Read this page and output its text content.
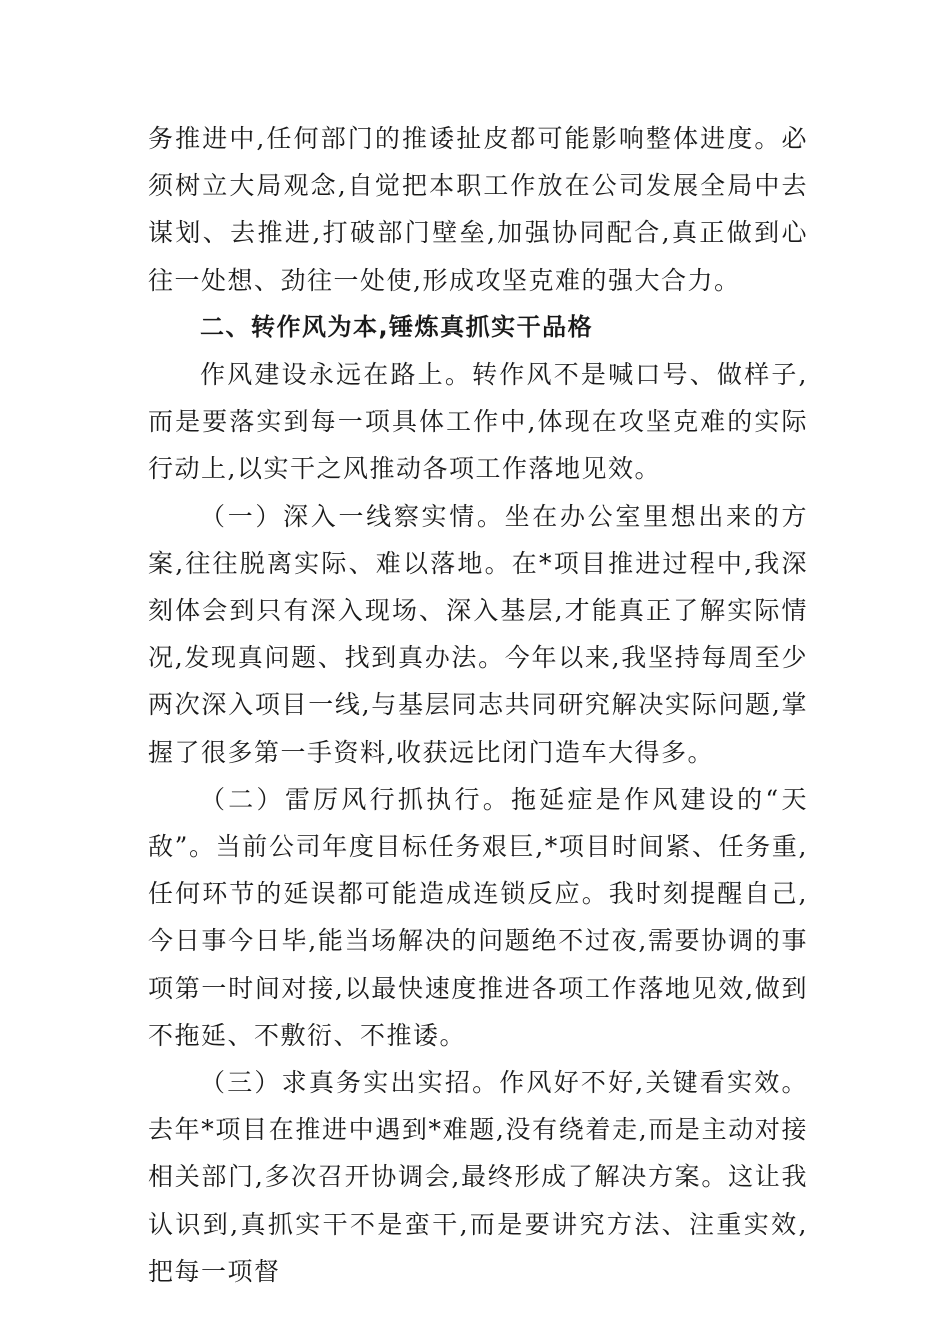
务推进中,任何部门的推诿扯皮都可能影响整体进度。必须树立大局观念,自觉把本职工作放在公司发展全局中去谋划、去推进,打破部门壁垒,加强协同配合,真正做到心往一处想、劲往一处使,形成攻坚克难的强大合力。

二、转作风为本,锤炼真抓实干品格

作风建设永远在路上。转作风不是喊口号、做样子,而是要落实到每一项具体工作中,体现在攻坚克难的实际行动上,以实干之风推动各项工作落地见效。

（一）深入一线察实情。坐在办公室里想出来的方案,往往脱离实际、难以落地。在*项目推进过程中,我深刻体会到只有深入现场、深入基层,才能真正了解实际情况,发现真问题、找到真办法。今年以来,我坚持每周至少两次深入项目一线,与基层同志共同研究解决实际问题,掌握了很多第一手资料,收获远比闭门造车大得多。

（二）雷厉风行抓执行。拖延症是作风建设的“天敌”。当前公司年度目标任务艰巨,*项目时间紧、任务重,任何环节的延误都可能造成连锁反应。我时刻提醒自己,今日事今日毕,能当场解决的问题绝不过夜,需要协调的事项第一时间对接,以最快速度推进各项工作落地见效,做到不拖延、不敷衍、不推诿。

（三）求真务实出实招。作风好不好,关键看实效。去年*项目在推进中遇到*难题,没有绕着走,而是主动对接相关部门,多次召开协调会,最终形成了解决方案。这让我认识到,真抓实干不是蛮干,而是要讲究方法、注重实效,把每一项督
